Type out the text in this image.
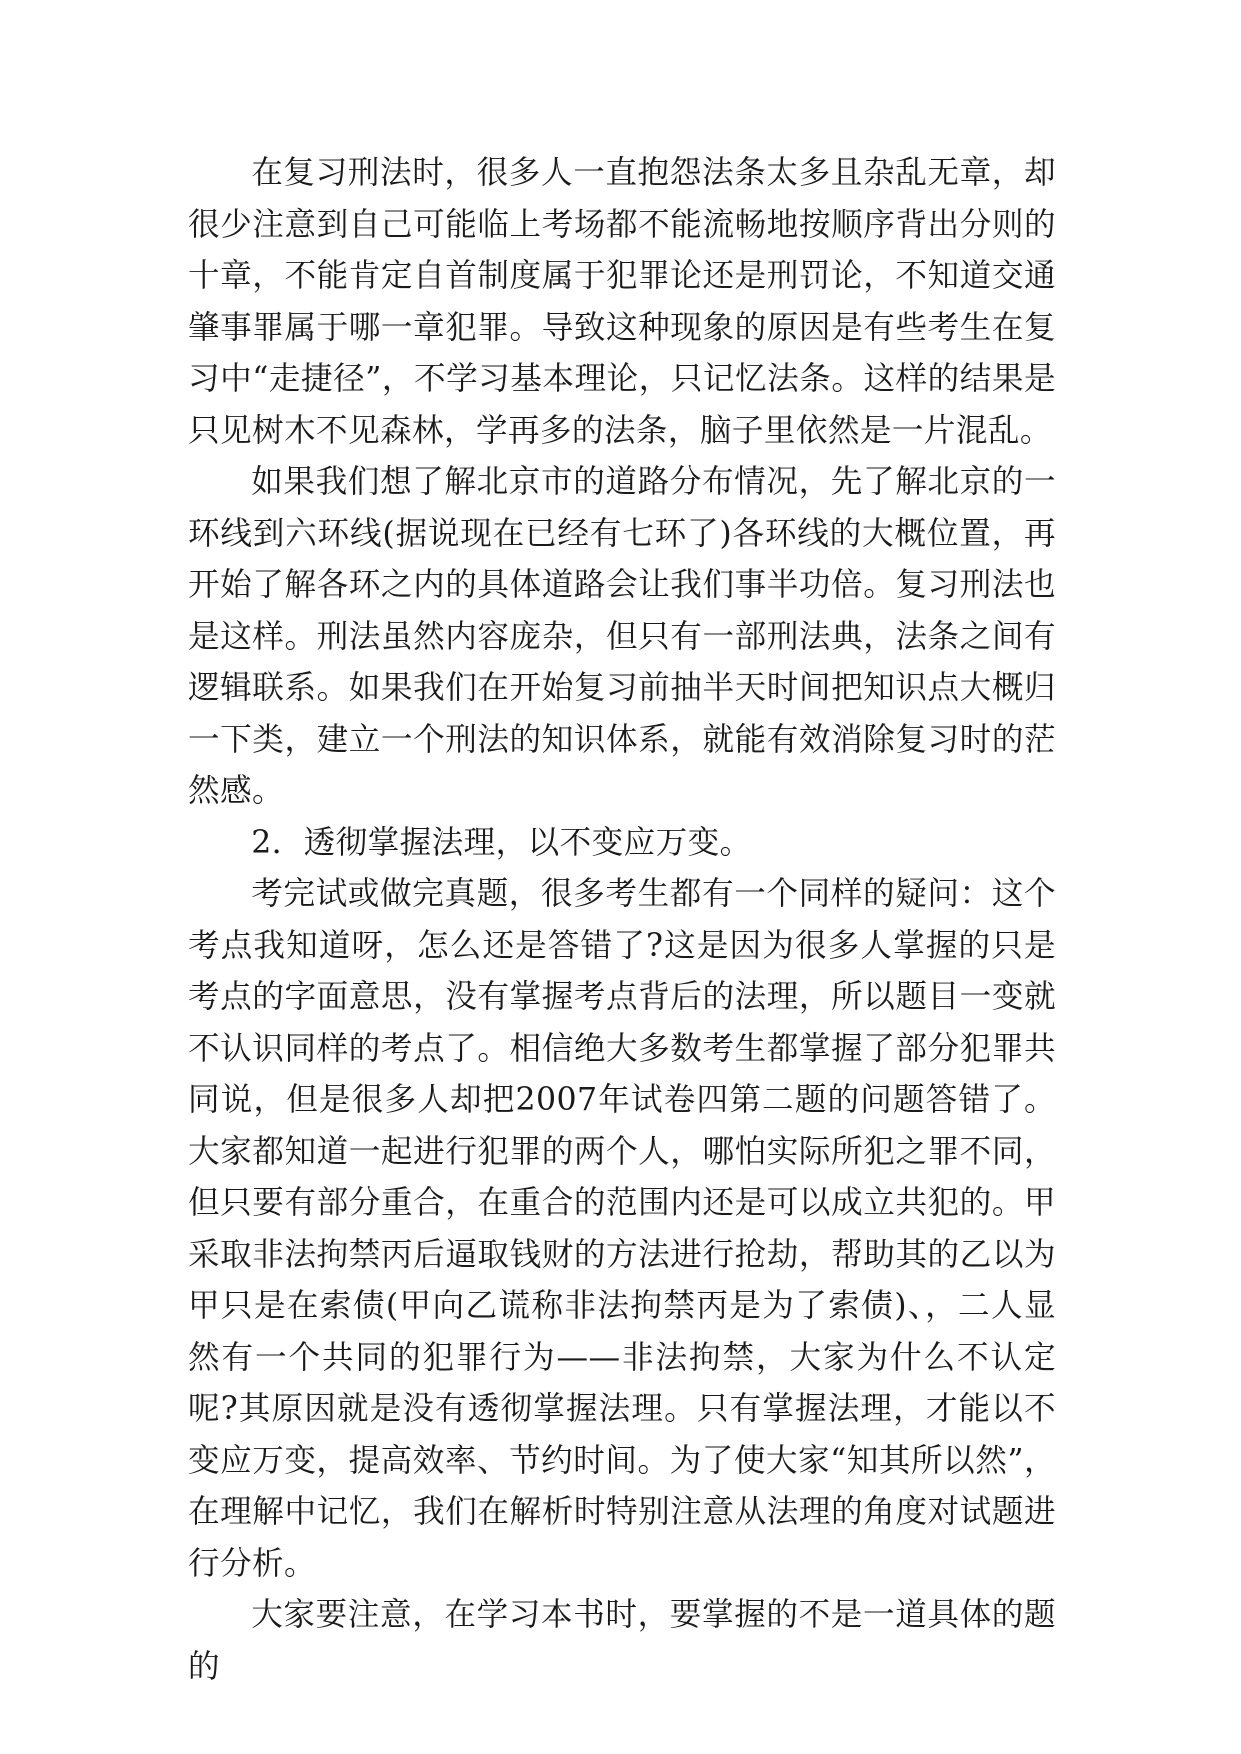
在复习刑法时，很多人一直抱怨法条太多且杂乱无章，却很少注意到自己可能临上考场都不能流畅地按顺序背出分则的十章，不能肯定自首制度属于犯罪论还是刑罚论，不知道交通肇事罪属于哪一章犯罪。导致这种现象的原因是有些考生在复习中“走捷径”，不学习基本理论，只记忆法条。这样的结果是只见树木不见森林，学再多的法条，脑子里依然是一片混乱。

如果我们想了解北京市的道路分布情况，先了解北京的一环线到六环线(据说现在已经有七环了)各环线的大概位置，再开始了解各环之内的具体道路会让我们事半功倍。复习刑法也是这样。刑法虽然内容庞杂，但只有一部刑法典，法条之间有逻辑联系。如果我们在开始复习前抽半天时间把知识点大概归一下类，建立一个刑法的知识体系，就能有效消除复习时的茫然感。

2．透彻掌握法理，以不变应万变。

考完试或做完真题，很多考生都有一个同样的疑问：这个考点我知道呀，怎么还是答错了?这是因为很多人掌握的只是考点的字面意思，没有掌握考点背后的法理，所以题目一变就不认识同样的考点了。相信绝大多数考生都掌握了部分犯罪共同说，但是很多人却把2007年试卷四第二题的问题答错了。大家都知道一起进行犯罪的两个人，哪怕实际所犯之罪不同，但只要有部分重合，在重合的范围内还是可以成立共犯的。甲采取非法拘禁丙后逼取钱财的方法进行抢劫，帮助其的乙以为甲只是在索债(甲向乙谎称非法拘禁丙是为了索债)、，二人显然有一个共同的犯罪行为——非法拘禁，大家为什么不认定呢?其原因就是没有透彻掌握法理。只有掌握法理，才能以不变应万变，提高效率、节约时间。为了使大家“知其所以然”，在理解中记忆，我们在解析时特别注意从法理的角度对试题进行分析。

大家要注意，在学习本书时，要掌握的不是一道具体的题的
